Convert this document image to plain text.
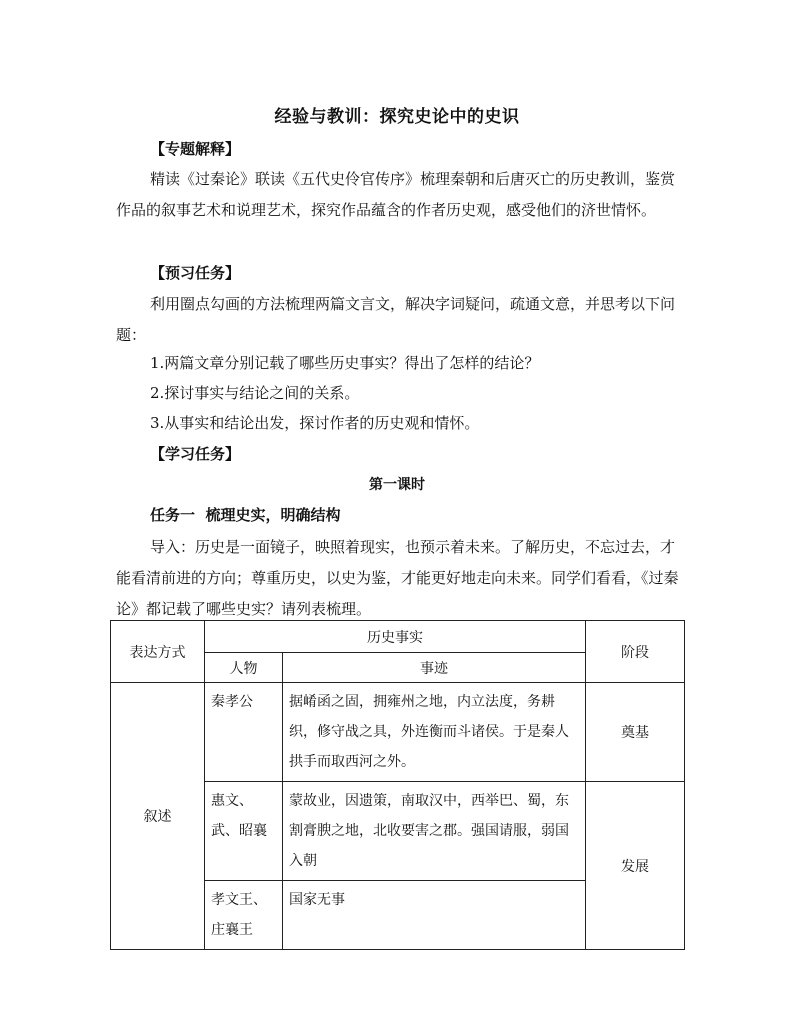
经验与教训：探究史论中的史识
【专题解释】
精读《过秦论》联读《五代史伶官传序》梳理秦朝和后唐灭亡的历史教训，鉴赏作品的叙事艺术和说理艺术，探究作品蕴含的作者历史观，感受他们的济世情怀。
【预习任务】
利用圈点勾画的方法梳理两篇文言文，解决字词疑问，疏通文意，并思考以下问题：
1.两篇文章分别记载了哪些历史事实？得出了怎样的结论？
2.探讨事实与结论之间的关系。
3.从事实和结论出发，探讨作者的历史观和情怀。
【学习任务】
第一课时
任务一  梳理史实，明确结构
导入：历史是一面镜子，映照着现实，也预示着未来。了解历史，不忘过去，才能看清前进的方向；尊重历史，以史为鉴，才能更好地走向未来。同学们看看，《过秦论》都记载了哪些史实？请列表梳理。
表达方式	历史事实		阶段
	人物	事迹	
叙述	秦孝公	据崤函之固，拥雍州之地，内立法度，务耕织，修守战之具，外连衡而斗诸侯。于是秦人拱手而取西河之外。	奠基
	惠文、武、昭襄	蒙故业，因遗策，南取汉中，西举巴、蜀，东割膏腴之地，北收要害之郡。强国请服，弱国入朝	发展
	孝文王、庄襄王	国家无事	
